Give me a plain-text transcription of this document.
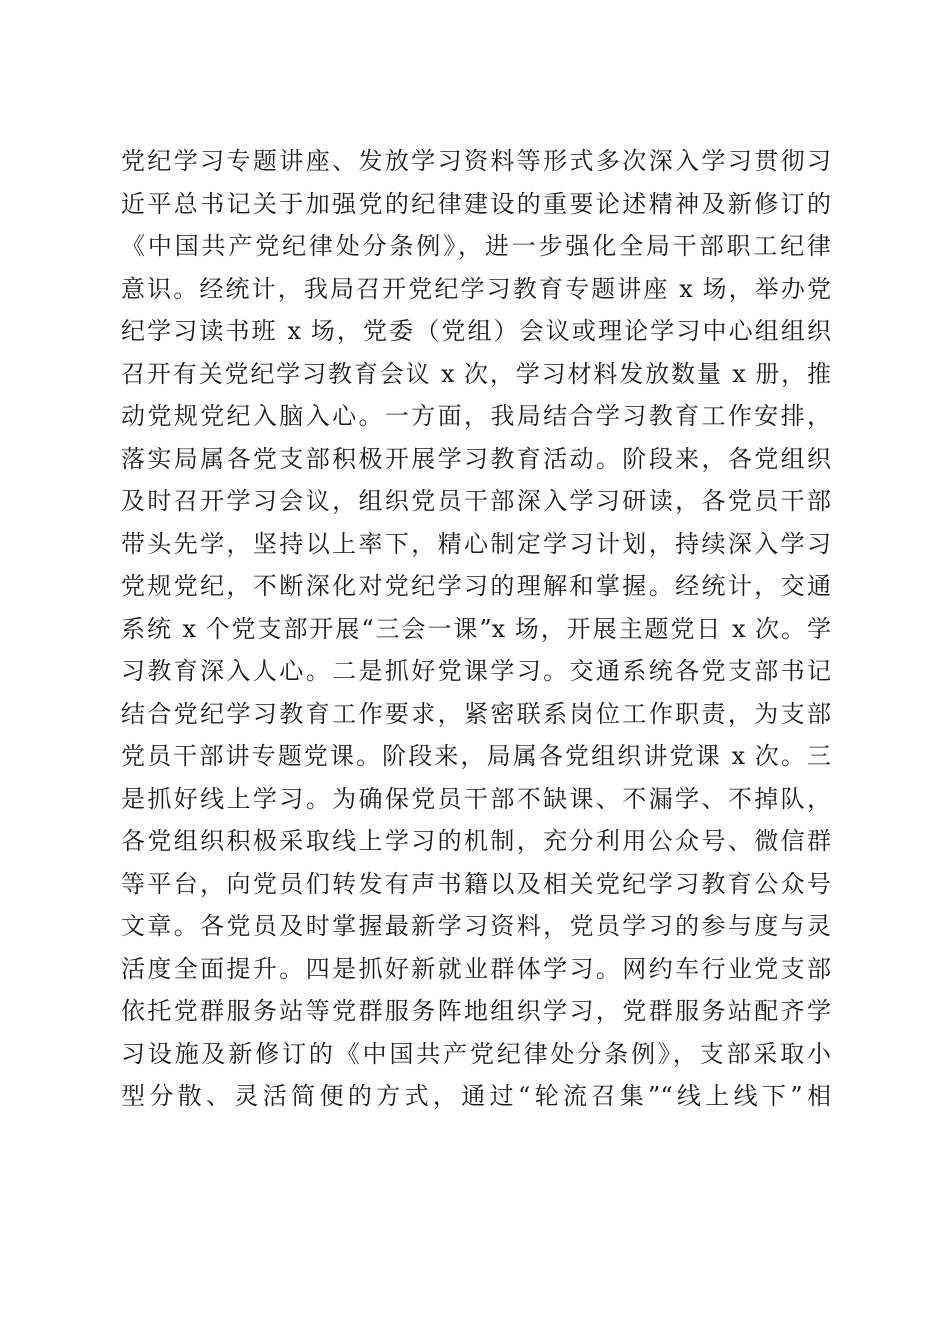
党纪学习专题讲座、发放学习资料等形式多次深入学习贯彻习
近平总书记关于加强党的纪律建设的重要论述精神及新修订的
《中国共产党纪律处分条例》，进一步强化全局干部职工纪律
意识。经统计，我局召开党纪学习教育专题讲座 x 场，举办党
纪学习读书班 x 场，党委（党组）会议或理论学习中心组组织
召开有关党纪学习教育会议 x 次，学习材料发放数量 x 册，推
动党规党纪入脑入心。一方面，我局结合学习教育工作安排，
落实局属各党支部积极开展学习教育活动。阶段来，各党组织
及时召开学习会议，组织党员干部深入学习研读，各党员干部
带头先学，坚持以上率下，精心制定学习计划，持续深入学习
党规党纪，不断深化对党纪学习的理解和掌握。经统计，交通
系统 x 个党支部开展“三会一课”x 场，开展主题党日 x 次。学
习教育深入人心。二是抓好党课学习。交通系统各党支部书记
结合党纪学习教育工作要求，紧密联系岗位工作职责，为支部
党员干部讲专题党课。阶段来，局属各党组织讲党课 x 次。三
是抓好线上学习。为确保党员干部不缺课、不漏学、不掉队，
各党组织积极采取线上学习的机制，充分利用公众号、微信群
等平台，向党员们转发有声书籍以及相关党纪学习教育公众号
文章。各党员及时掌握最新学习资料，党员学习的参与度与灵
活度全面提升。四是抓好新就业群体学习。网约车行业党支部
依托党群服务站等党群服务阵地组织学习，党群服务站配齐学
习设施及新修订的《中国共产党纪律处分条例》，支部采取小
型分散、灵活简便的方式，通过“轮流召集”“线上线下”相
